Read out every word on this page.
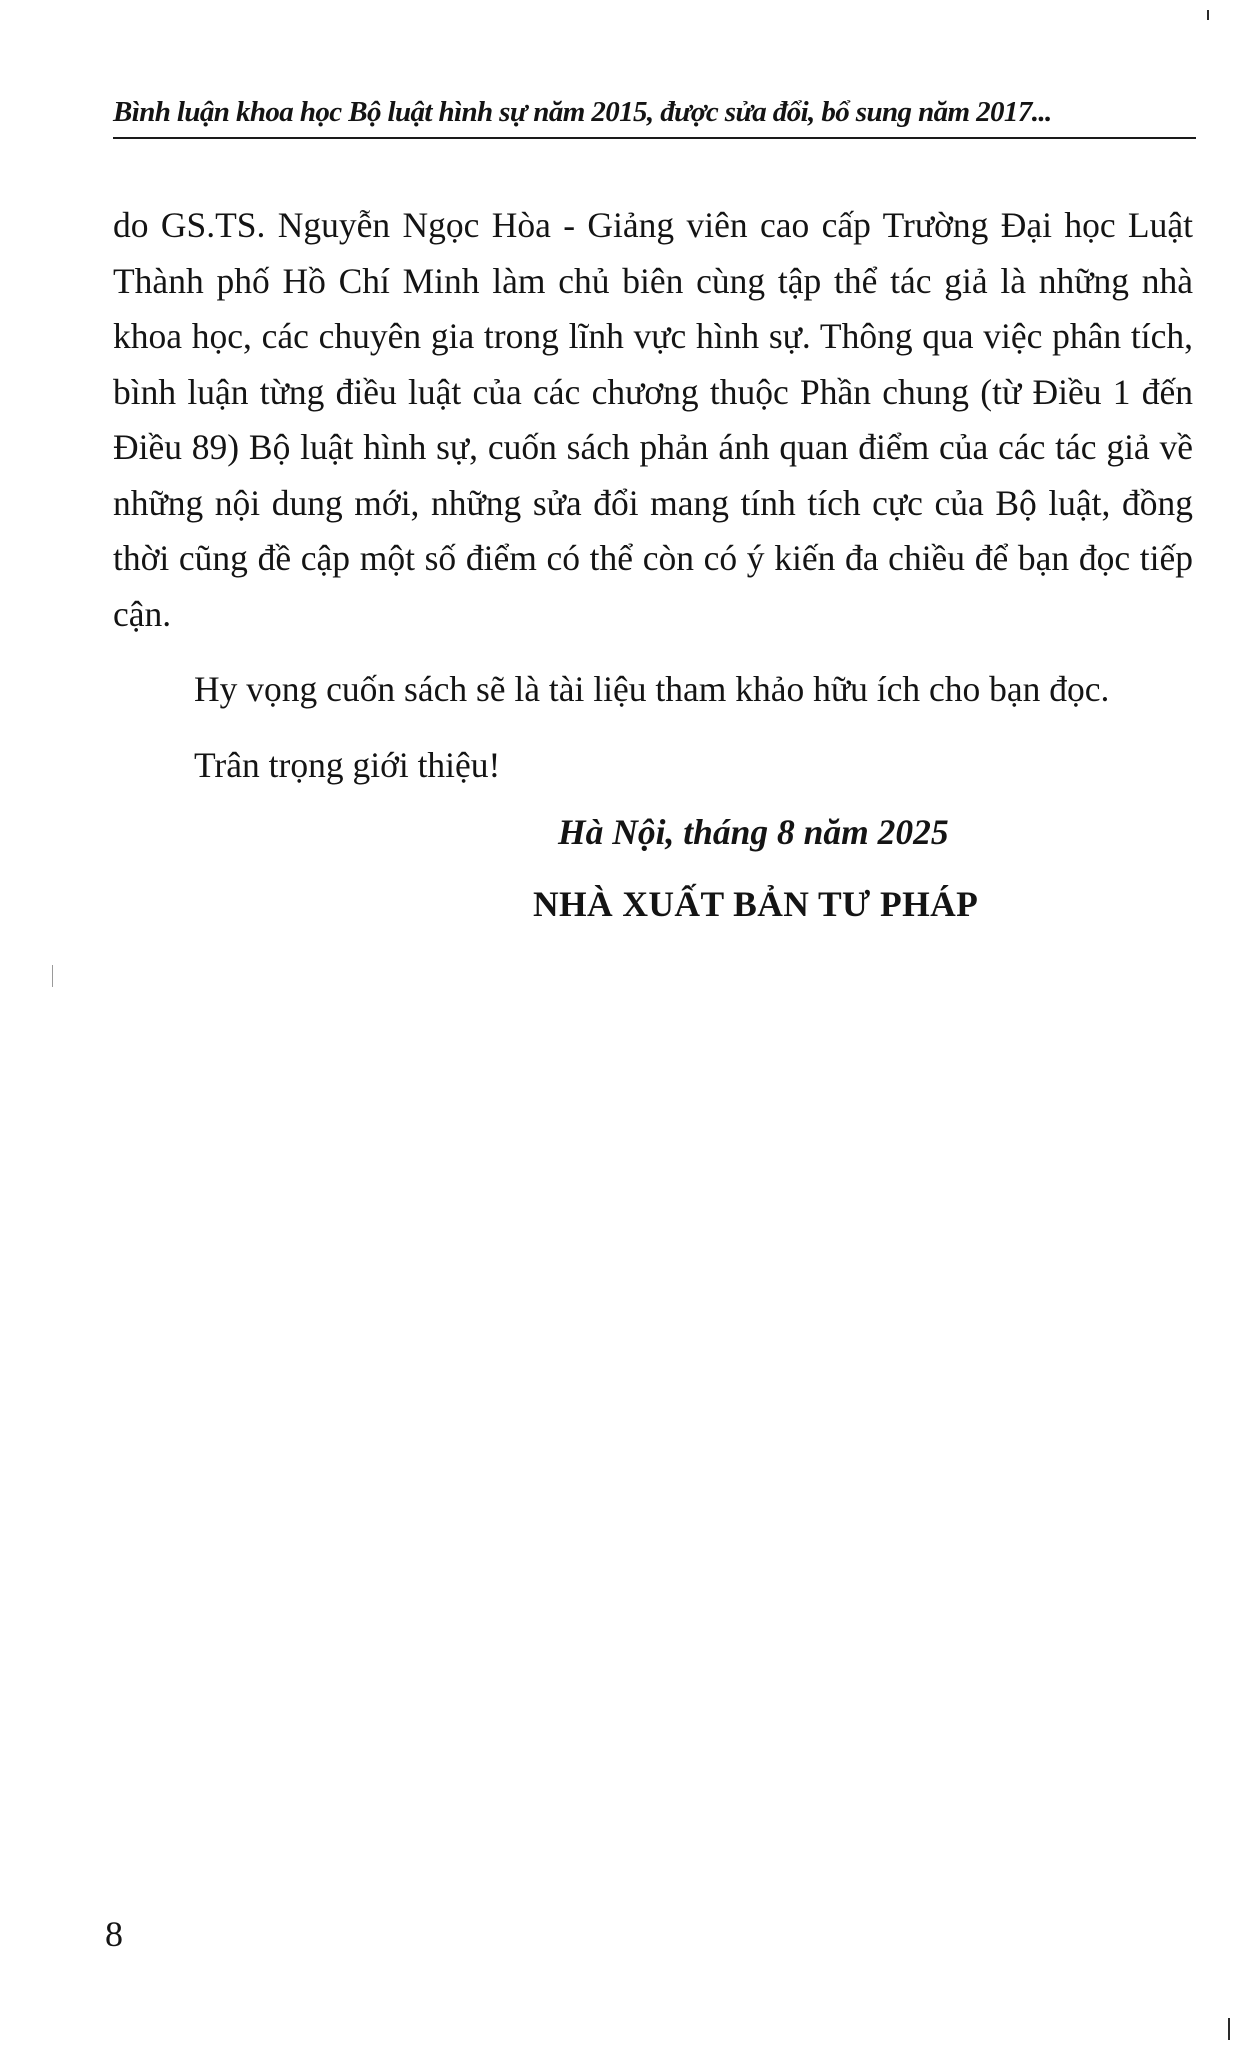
Bình luận khoa học Bộ luật hình sự năm 2015, được sửa đổi, bổ sung năm 2017...

do GS.TS. Nguyễn Ngọc Hòa - Giảng viên cao cấp Trường Đại học Luật Thành phố Hồ Chí Minh làm chủ biên cùng tập thể tác giả là những nhà khoa học, các chuyên gia trong lĩnh vực hình sự. Thông qua việc phân tích, bình luận từng điều luật của các chương thuộc Phần chung (từ Điều 1 đến Điều 89) Bộ luật hình sự, cuốn sách phản ánh quan điểm của các tác giả về những nội dung mới, những sửa đổi mang tính tích cực của Bộ luật, đồng thời cũng đề cập một số điểm có thể còn có ý kiến đa chiều để bạn đọc tiếp cận.

Hy vọng cuốn sách sẽ là tài liệu tham khảo hữu ích cho bạn đọc.

Trân trọng giới thiệu!

Hà Nội, tháng 8 năm 2025
NHÀ XUẤT BẢN TƯ PHÁP
8
